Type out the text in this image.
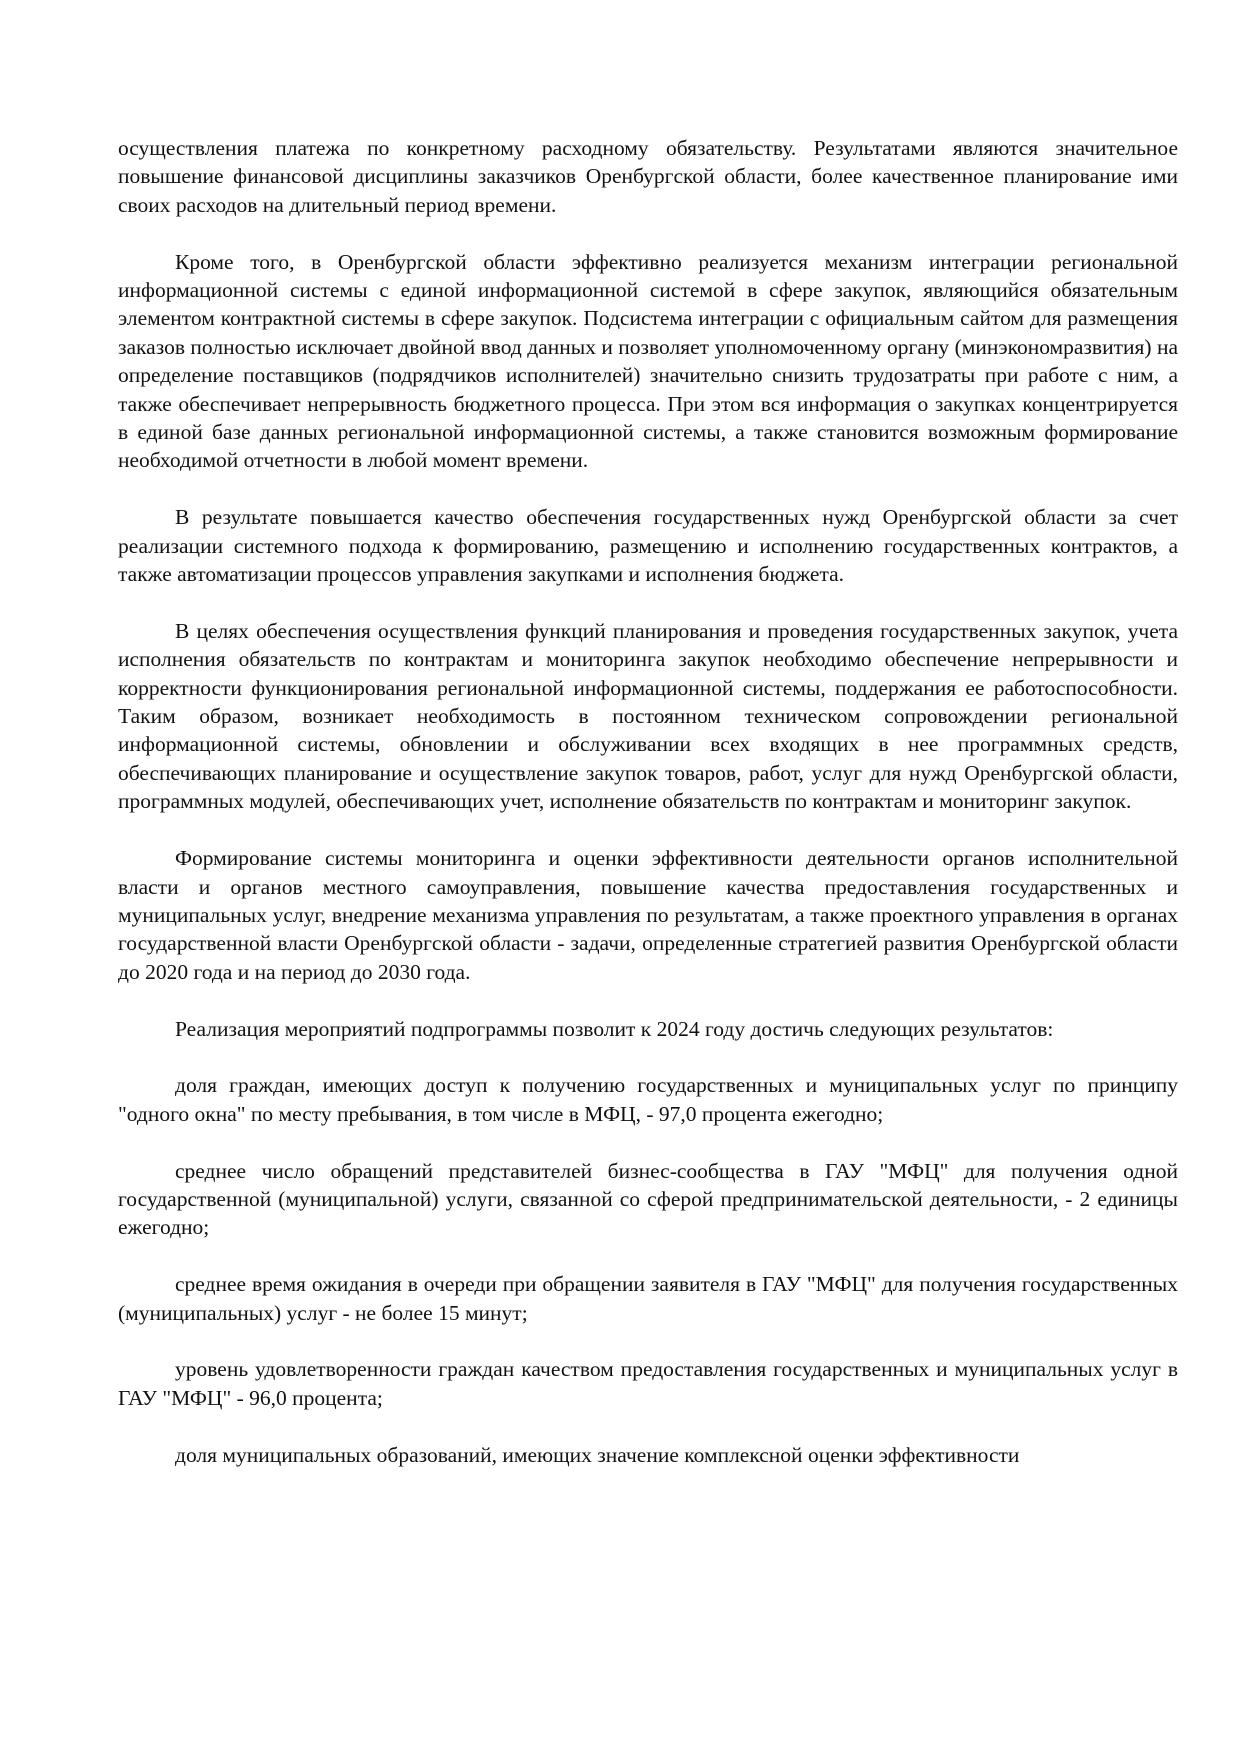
осуществления платежа по конкретному расходному обязательству. Результатами являются значительное повышение финансовой дисциплины заказчиков Оренбургской области, более качественное планирование ими своих расходов на длительный период времени.

Кроме того, в Оренбургской области эффективно реализуется механизм интеграции региональной информационной системы с единой информационной системой в сфере закупок, являющийся обязательным элементом контрактной системы в сфере закупок. Подсистема интеграции с официальным сайтом для размещения заказов полностью исключает двойной ввод данных и позволяет уполномоченному органу (минэкономразвития) на определение поставщиков (подрядчиков исполнителей) значительно снизить трудозатраты при работе с ним, а также обеспечивает непрерывность бюджетного процесса. При этом вся информация о закупках концентрируется в единой базе данных региональной информационной системы, а также становится возможным формирование необходимой отчетности в любой момент времени.

В результате повышается качество обеспечения государственных нужд Оренбургской области за счет реализации системного подхода к формированию, размещению и исполнению государственных контрактов, а также автоматизации процессов управления закупками и исполнения бюджета.

В целях обеспечения осуществления функций планирования и проведения государственных закупок, учета исполнения обязательств по контрактам и мониторинга закупок необходимо обеспечение непрерывности и корректности функционирования региональной информационной системы, поддержания ее работоспособности. Таким образом, возникает необходимость в постоянном техническом сопровождении региональной информационной системы, обновлении и обслуживании всех входящих в нее программных средств, обеспечивающих планирование и осуществление закупок товаров, работ, услуг для нужд Оренбургской области, программных модулей, обеспечивающих учет, исполнение обязательств по контрактам и мониторинг закупок.

Формирование системы мониторинга и оценки эффективности деятельности органов исполнительной власти и органов местного самоуправления, повышение качества предоставления государственных и муниципальных услуг, внедрение механизма управления по результатам, а также проектного управления в органах государственной власти Оренбургской области - задачи, определенные стратегией развития Оренбургской области до 2020 года и на период до 2030 года.

Реализация мероприятий подпрограммы позволит к 2024 году достичь следующих результатов:

доля граждан, имеющих доступ к получению государственных и муниципальных услуг по принципу "одного окна" по месту пребывания, в том числе в МФЦ, - 97,0 процента ежегодно;

среднее число обращений представителей бизнес-сообщества в ГАУ "МФЦ" для получения одной государственной (муниципальной) услуги, связанной со сферой предпринимательской деятельности, - 2 единицы ежегодно;

среднее время ожидания в очереди при обращении заявителя в ГАУ "МФЦ" для получения государственных (муниципальных) услуг - не более 15 минут;

уровень удовлетворенности граждан качеством предоставления государственных и муниципальных услуг в ГАУ "МФЦ" - 96,0 процента;

доля муниципальных образований, имеющих значение комплексной оценки эффективности
